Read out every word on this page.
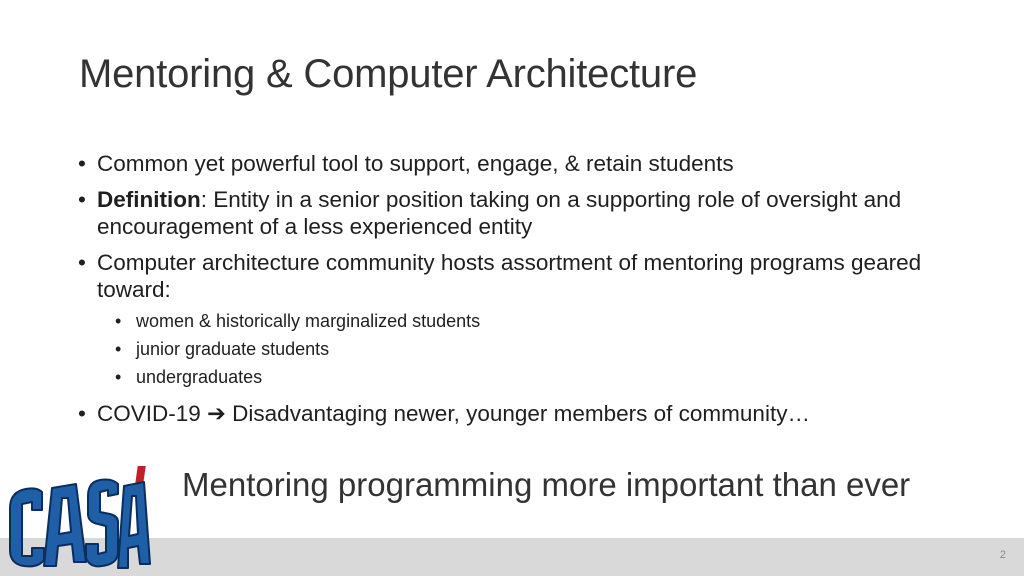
Mentoring & Computer Architecture
• Common yet powerful tool to support, engage, & retain students
• Definition: Entity in a senior position taking on a supporting role of oversight and encouragement of a less experienced entity
• Computer architecture community hosts assortment of mentoring programs geared toward:
• women & historically marginalized students
• junior graduate students
• undergraduates
• COVID-19 ➔ Disadvantaging newer, younger members of community…
Mentoring programming more important than ever
2
